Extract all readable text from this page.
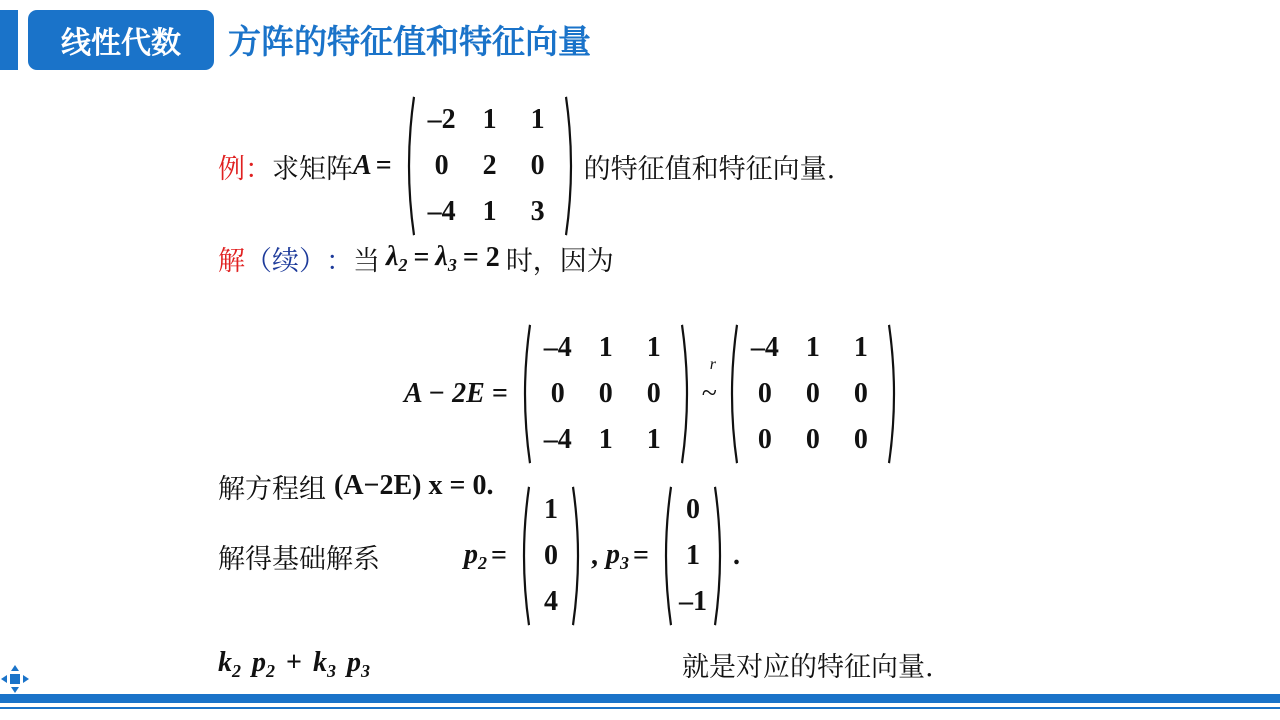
线性代数	方阵的特征值和特征向量
例 ： 求矩阵 A =
–2 1	1
0	2	0
–4 1	3
的特征值和特征向量.
解 （续） ： 当 $\lambda_2 = \lambda_3 = 2$ 时，因为
A − 2E =
–4 1	1
0	0	0
–4 1	1
r
~
–4 1	1
0	0	0
0	0	0
解方程组 (A−2E) x = 0.
解得基础解系	$p_2$ =
1
0
4
, $p_3$ =
0
1
–1
.
$k_2$ $p_2 + k_3$ $p_3$	就是对应的特征向量.
